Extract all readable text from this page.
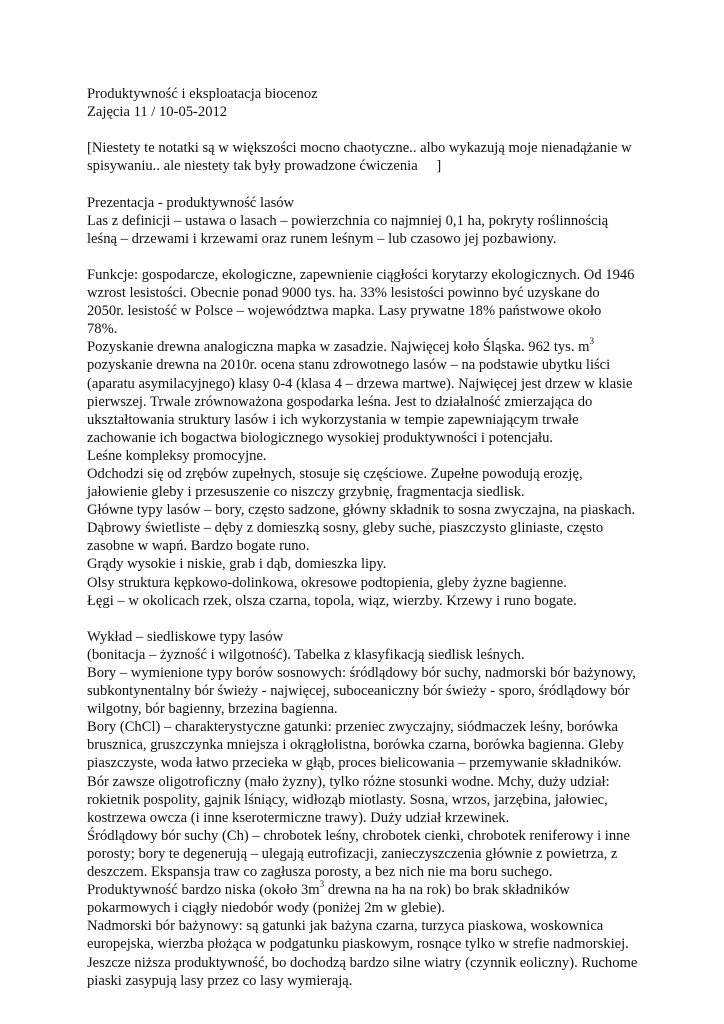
Produktywność i eksploatacja biocenoz
Zajęcia 11 / 10-05-2012
[Niestety te notatki są w większości mocno chaotyczne.. albo wykazują moje nienadążanie w
spisywaniu.. ale niestety tak były prowadzone ćwiczenia ]
Prezentacja - produktywność lasów
Las z definicji – ustawa o lasach – powierzchnia co najmniej 0,1 ha, pokryty roślinnością
leśną – drzewami i krzewami oraz runem leśnym – lub czasowo jej pozbawiony.
Funkcje: gospodarcze, ekologiczne, zapewnienie ciągłości korytarzy ekologicznych. Od 1946
wzrost lesistości. Obecnie ponad 9000 tys. ha. 33% lesistości powinno być uzyskane do
2050r. lesistość w Polsce – województwa mapka. Lasy prywatne 18% państwowe około
78%.
Pozyskanie drewna analogiczna mapka w zasadzie. Najwięcej koło Śląska. 962 tys. $m^3$
pozyskanie drewna na 2010r. ocena stanu zdrowotnego lasów – na podstawie ubytku liści
(aparatu asymilacyjnego) klasy 0-4 (klasa 4 – drzewa martwe). Najwięcej jest drzew w klasie
pierwszej. Trwale zrównoważona gospodarka leśna. Jest to działalność zmierzająca do
ukształtowania struktury lasów i ich wykorzystania w tempie zapewniającym trwałe
zachowanie ich bogactwa biologicznego wysokiej produktywności i potencjału.
Leśne kompleksy promocyjne.
Odchodzi się od zrębów zupełnych, stosuje się częściowe. Zupełne powodują erozję,
jałowienie gleby i przesuszenie co niszczy grzybnię, fragmentacja siedlisk.
Główne typy lasów – bory, często sadzone, główny składnik to sosna zwyczajna, na piaskach.
Dąbrowy świetliste – dęby z domieszką sosny, gleby suche, piaszczysto gliniaste, często
zasobne w wapń. Bardzo bogate runo.
Grądy wysokie i niskie, grab i dąb, domieszka lipy.
Olsy struktura kępkowo-dolinkowa, okresowe podtopienia, gleby żyzne bagienne.
Łęgi – w okolicach rzek, olsza czarna, topola, wiąz, wierzby. Krzewy i runo bogate.
Wykład – siedliskowe typy lasów
(bonitacja – żyzność i wilgotność). Tabelka z klasyfikacją siedlisk leśnych.
Bory – wymienione typy borów sosnowych: śródlądowy bór suchy, nadmorski bór bażynowy,
subkontynentalny bór świeży - najwięcej, suboceaniczny bór świeży - sporo, śródlądowy bór
wilgotny, bór bagienny, brzezina bagienna.
Bory (ChCl) – charakterystyczne gatunki: przeniec zwyczajny, siódmaczek leśny, borówka
brusznica, gruszczynka mniejsza i okrągłolistna, borówka czarna, borówka bagienna. Gleby
piaszczyste, woda łatwo przecieka w głąb, proces bielicowania – przemywanie składników.
Bór zawsze oligotroficzny (mało żyzny), tylko różne stosunki wodne. Mchy, duży udział:
rokietnik pospolity, gajnik lśniący, widłoząb miotlasty. Sosna, wrzos, jarzębina, jałowiec,
kostrzewa owcza (i inne kserotermiczne trawy). Duży udział krzewinek.
Śródlądowy bór suchy (Ch) – chrobotek leśny, chrobotek cienki, chrobotek reniferowy i inne
porosty; bory te degenerują – ulegają eutrofizacji, zanieczyszczenia głównie z powietrza, z
deszczem. Ekspansja traw co zagłusza porosty, a bez nich nie ma boru suchego.
Produktywność bardzo niska (około $3m^3$ drewna na ha na rok) bo brak składników
pokarmowych i ciągły niedobór wody (poniżej 2m w glebie).
Nadmorski bór bażynowy: są gatunki jak bażyna czarna, turzyca piaskowa, woskownica
europejska, wierzba płożąca w podgatunku piaskowym, rosnące tylko w strefie nadmorskiej.
Jeszcze niższa produktywność, bo dochodzą bardzo silne wiatry (czynnik eoliczny). Ruchome
piaski zasypują lasy przez co lasy wymierają.
